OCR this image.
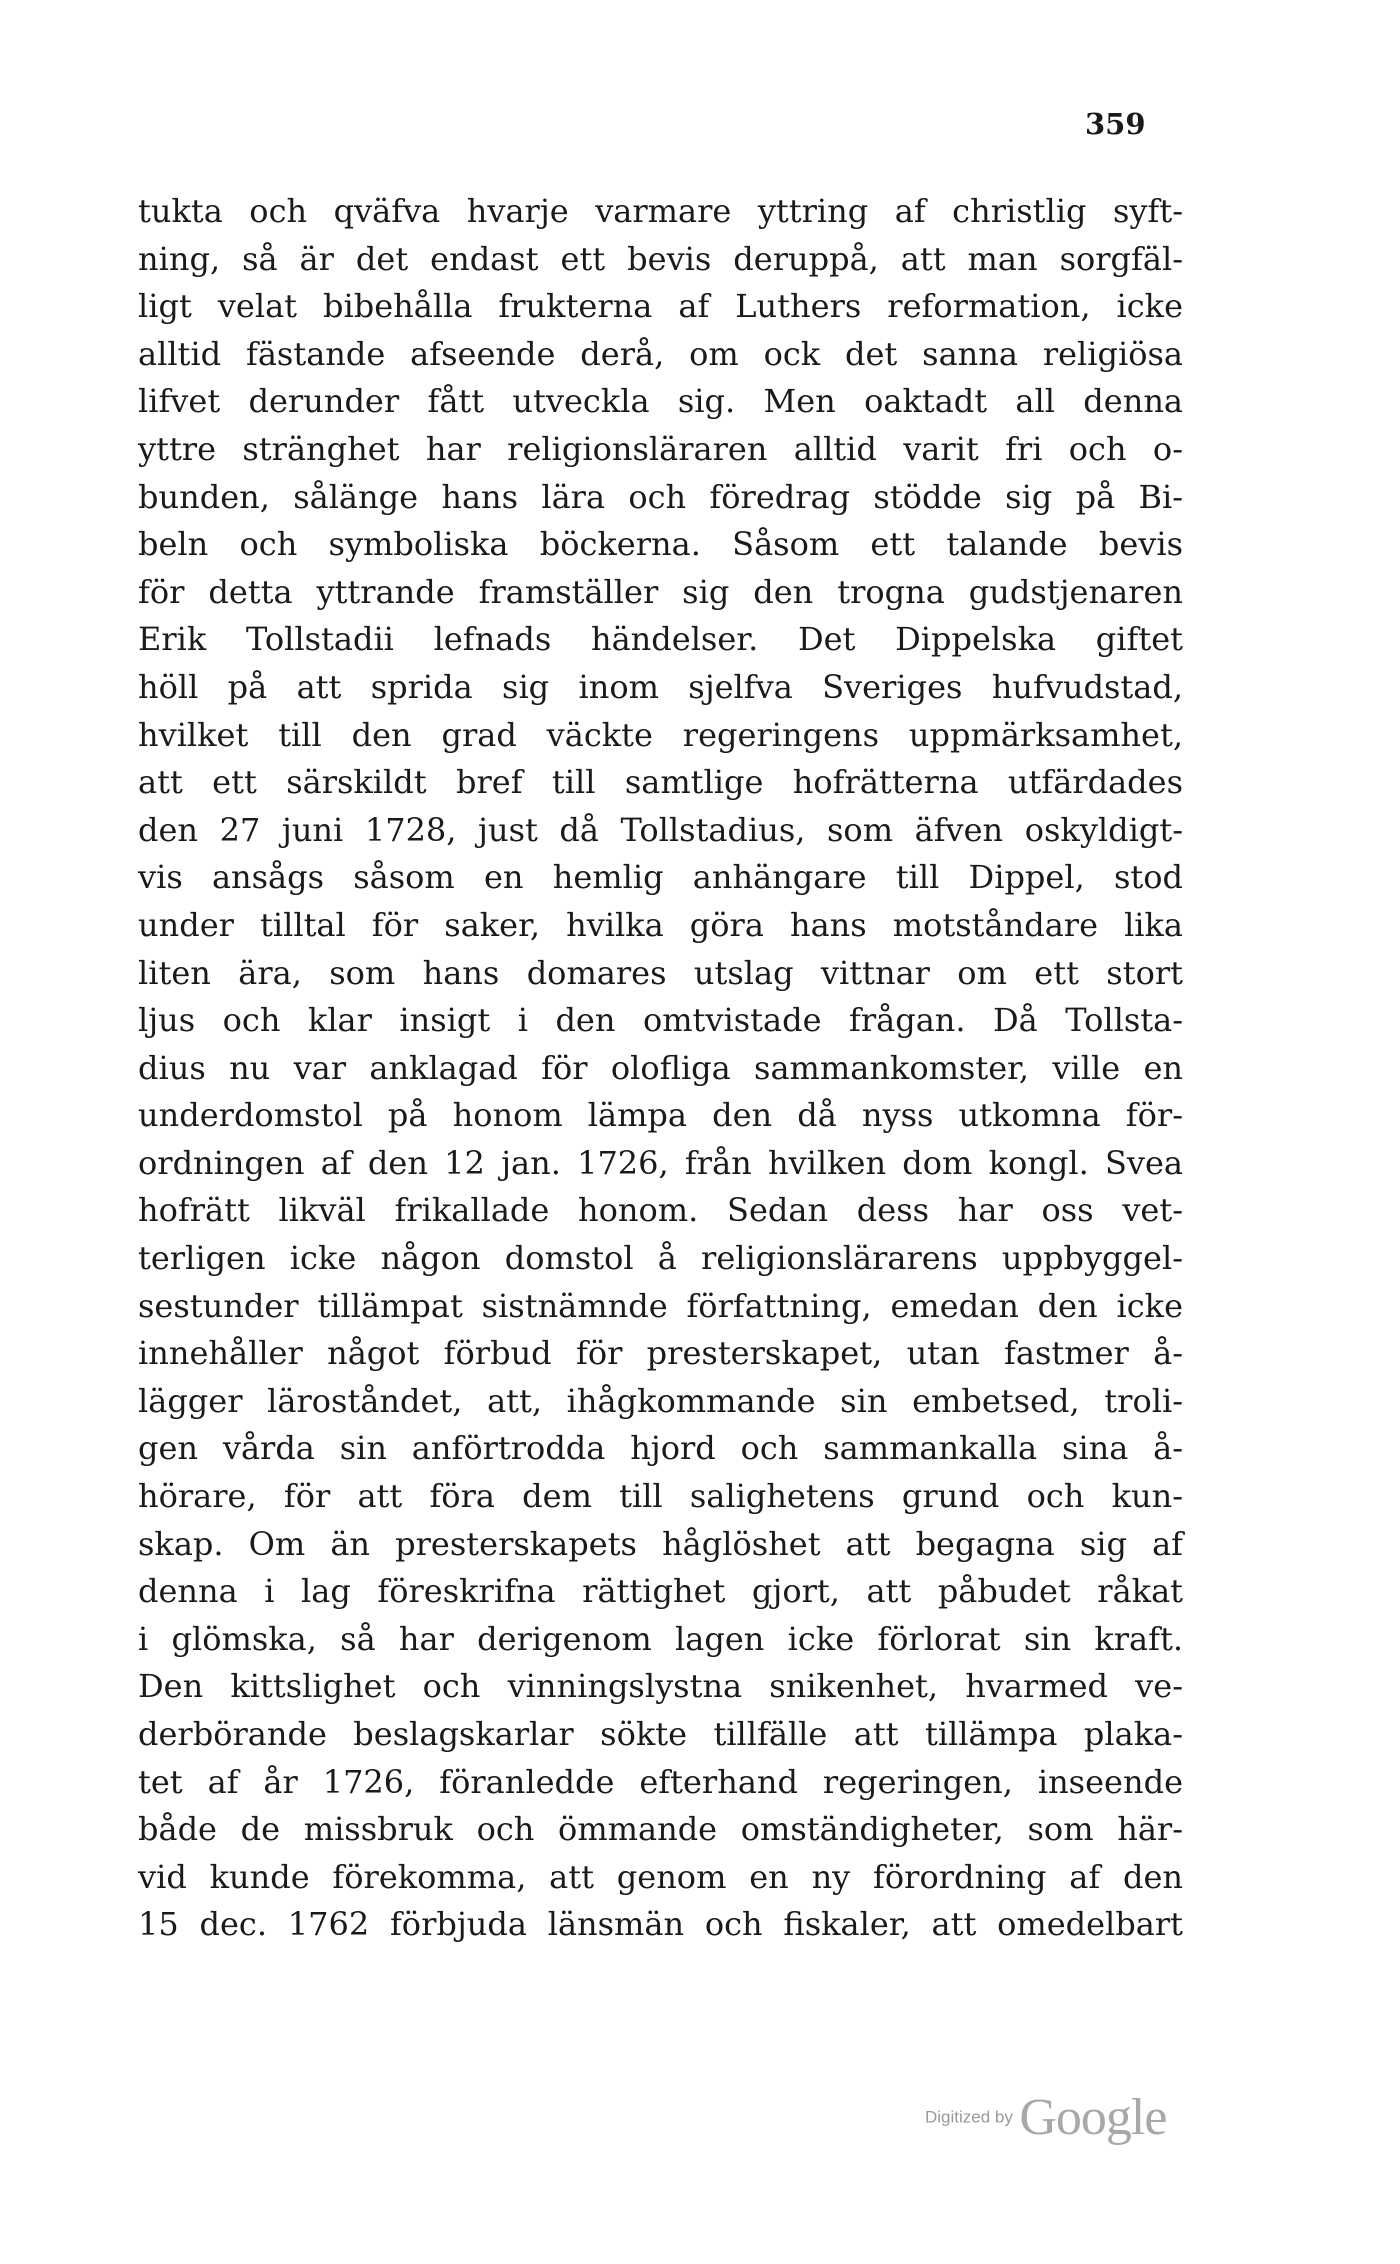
359
tukta och qväfva hvarje varmare yttring af christlig syft-
ning, så är det endast ett bevis deruppå, att man sorgfäl-
ligt velat bibehålla frukterna af Luthers reformation, icke
alltid fästande afseende derå, om ock det sanna religiösa
lifvet derunder fått utveckla sig. Men oaktadt all denna
yttre stränghet har religionsläraren alltid varit fri och o-
bunden, sålänge hans lära och föredrag stödde sig på Bi-
beln och symboliska böckerna. Såsom ett talande bevis
för detta yttrande framställer sig den trogna gudstjenaren
Erik Tollstadii lefnads händelser. Det Dippelska giftet
höll på att sprida sig inom sjelfva Sveriges hufvudstad,
hvilket till den grad väckte regeringens uppmärksamhet,
att ett särskildt bref till samtlige hofrätterna utfärdades
den 27 juni 1728, just då Tollstadius, som äfven oskyldigt-
vis ansågs såsom en hemlig anhängare till Dippel, stod
under tilltal för saker, hvilka göra hans motståndare lika
liten ära, som hans domares utslag vittnar om ett stort
ljus och klar insigt i den omtvistade frågan. Då Tollsta-
dius nu var anklagad för olofliga sammankomster, ville en
underdomstol på honom lämpa den då nyss utkomna för-
ordningen af den 12 jan. 1726, från hvilken dom kongl. Svea
hofrätt likväl frikallade honom. Sedan dess har oss vet-
terligen icke någon domstol å religionslärarens uppbyggel-
sestunder tillämpat sistnämnde författning, emedan den icke
innehåller något förbud för presterskapet, utan fastmer å-
lägger läroståndet, att, ihågkommande sin embetsed, troli-
gen vårda sin anförtrodda hjord och sammankalla sina å-
hörare, för att föra dem till salighetens grund och kun-
skap. Om än presterskapets håglöshet att begagna sig af
denna i lag föreskrifna rättighet gjort, att påbudet råkat
i glömska, så har derigenom lagen icke förlorat sin kraft.
Den kittslighet och vinningslystna snikenhet, hvarmed ve-
derbörande beslagskarlar sökte tillfälle att tillämpa plaka-
tet af år 1726, föranledde efterhand regeringen, inseende
både de missbruk och ömmande omständigheter, som här-
vid kunde förekomma, att genom en ny förordning af den
15 dec. 1762 förbjuda länsmän och fiskaler, att omedelbart
Digitized by Google
